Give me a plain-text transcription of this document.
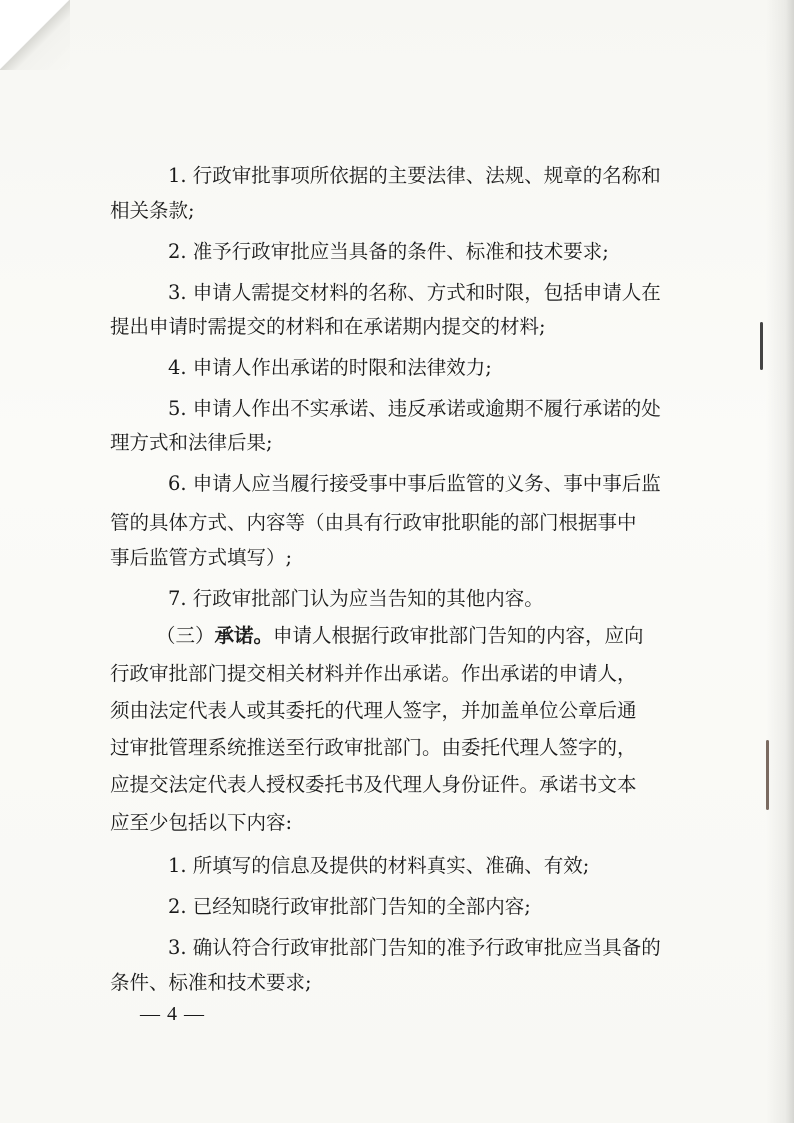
1. 行政审批事项所依据的主要法律、法规、规章的名称和
相关条款;
2. 准予行政审批应当具备的条件、标准和技术要求;
3. 申请人需提交材料的名称、方式和时限，包括申请人在
提出申请时需提交的材料和在承诺期内提交的材料;
4. 申请人作出承诺的时限和法律效力;
5. 申请人作出不实承诺、违反承诺或逾期不履行承诺的处
理方式和法律后果;
6. 申请人应当履行接受事中事后监管的义务、事中事后监
管的具体方式、内容等（由具有行政审批职能的部门根据事中
事后监管方式填写）;
7. 行政审批部门认为应当告知的其他内容。
（三）承诺。申请人根据行政审批部门告知的内容，应向
行政审批部门提交相关材料并作出承诺。作出承诺的申请人，
须由法定代表人或其委托的代理人签字，并加盖单位公章后通
过审批管理系统推送至行政审批部门。由委托代理人签字的，
应提交法定代表人授权委托书及代理人身份证件。承诺书文本
应至少包括以下内容:
1. 所填写的信息及提供的材料真实、准确、有效;
2. 已经知晓行政审批部门告知的全部内容;
3. 确认符合行政审批部门告知的准予行政审批应当具备的
条件、标准和技术要求;
— 4 —
